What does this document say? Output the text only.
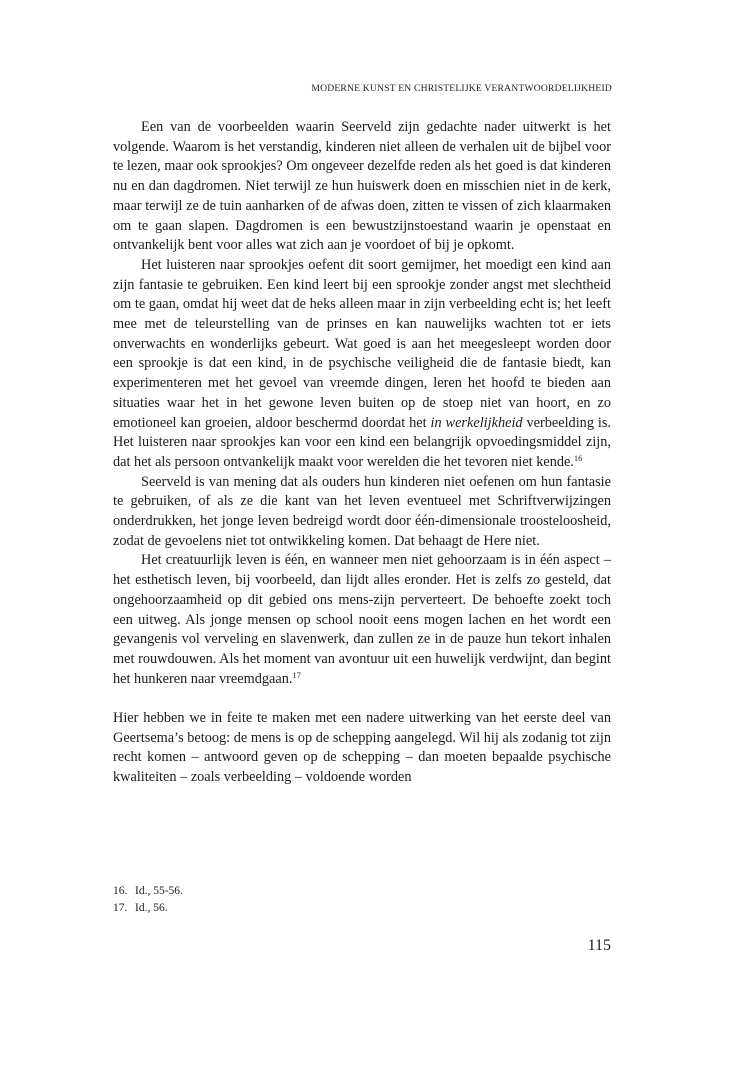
MODERNE KUNST EN CHRISTELIJKE VERANTWOORDELIJKHEID

Een van de voorbeelden waarin Seerveld zijn gedachte nader uitwerkt is het volgende. Waarom is het verstandig, kinderen niet alleen de verhalen uit de bijbel voor te lezen, maar ook sprookjes? Om ongeveer dezelfde reden als het goed is dat kinderen nu en dan dagdromen. Niet terwijl ze hun huiswerk doen en misschien niet in de kerk, maar terwijl ze de tuin aanharken of de afwas doen, zitten te vissen of zich klaarmaken om te gaan slapen. Dagdromen is een bewustzijnstoestand waarin je openstaat en ontvankelijk bent voor alles wat zich aan je voordoet of bij je opkomt.

Het luisteren naar sprookjes oefent dit soort gemijmer, het moedigt een kind aan zijn fantasie te gebruiken. Een kind leert bij een sprookje zonder angst met slechtheid om te gaan, omdat hij weet dat de heks alleen maar in zijn verbeelding echt is; het leeft mee met de teleurstelling van de prinses en kan nauwelijks wachten tot er iets onverwachts en wonderlijks gebeurt. Wat goed is aan het meegesleept worden door een sprookje is dat een kind, in de psychische veiligheid die de fantasie biedt, kan experimenteren met het gevoel van vreemde dingen, leren het hoofd te bieden aan situaties waar het in het gewone leven buiten op de stoep niet van hoort, en zo emotioneel kan groeien, aldoor beschermd doordat het in werkelijkheid verbeelding is. Het luisteren naar sprookjes kan voor een kind een belangrijk opvoedingsmiddel zijn, dat het als persoon ontvankelijk maakt voor werelden die het tevoren niet kende.$^{16}$

Seerveld is van mening dat als ouders hun kinderen niet oefenen om hun fantasie te gebruiken, of als ze die kant van het leven eventueel met Schriftverwijzingen onderdrukken, het jonge leven bedreigd wordt door één-dimensionale troosteloosheid, zodat de gevoelens niet tot ontwikkeling komen. Dat behaagt de Here niet.

Het creatuurlijk leven is één, en wanneer men niet gehoorzaam is in één aspect – het esthetisch leven, bij voorbeeld, dan lijdt alles eronder. Het is zelfs zo gesteld, dat ongehoorzaamheid op dit gebied ons mens-zijn perverteert. De behoefte zoekt toch een uitweg. Als jonge mensen op school nooit eens mogen lachen en het wordt een gevangenis vol verveling en slavenwerk, dan zullen ze in de pauze hun tekort inhalen met rouwdouwen. Als het moment van avontuur uit een huwelijk verdwijnt, dan begint het hunkeren naar vreemdgaan.$^{17}$

Hier hebben we in feite te maken met een nadere uitwerking van het eerste deel van Geertsema’s betoog: de mens is op de schepping aangelegd. Wil hij als zodanig tot zijn recht komen – antwoord geven op de schepping – dan moeten bepaalde psychische kwaliteiten – zoals verbeelding – voldoende worden

16. Id., 55-56.
17. Id., 56.
115
